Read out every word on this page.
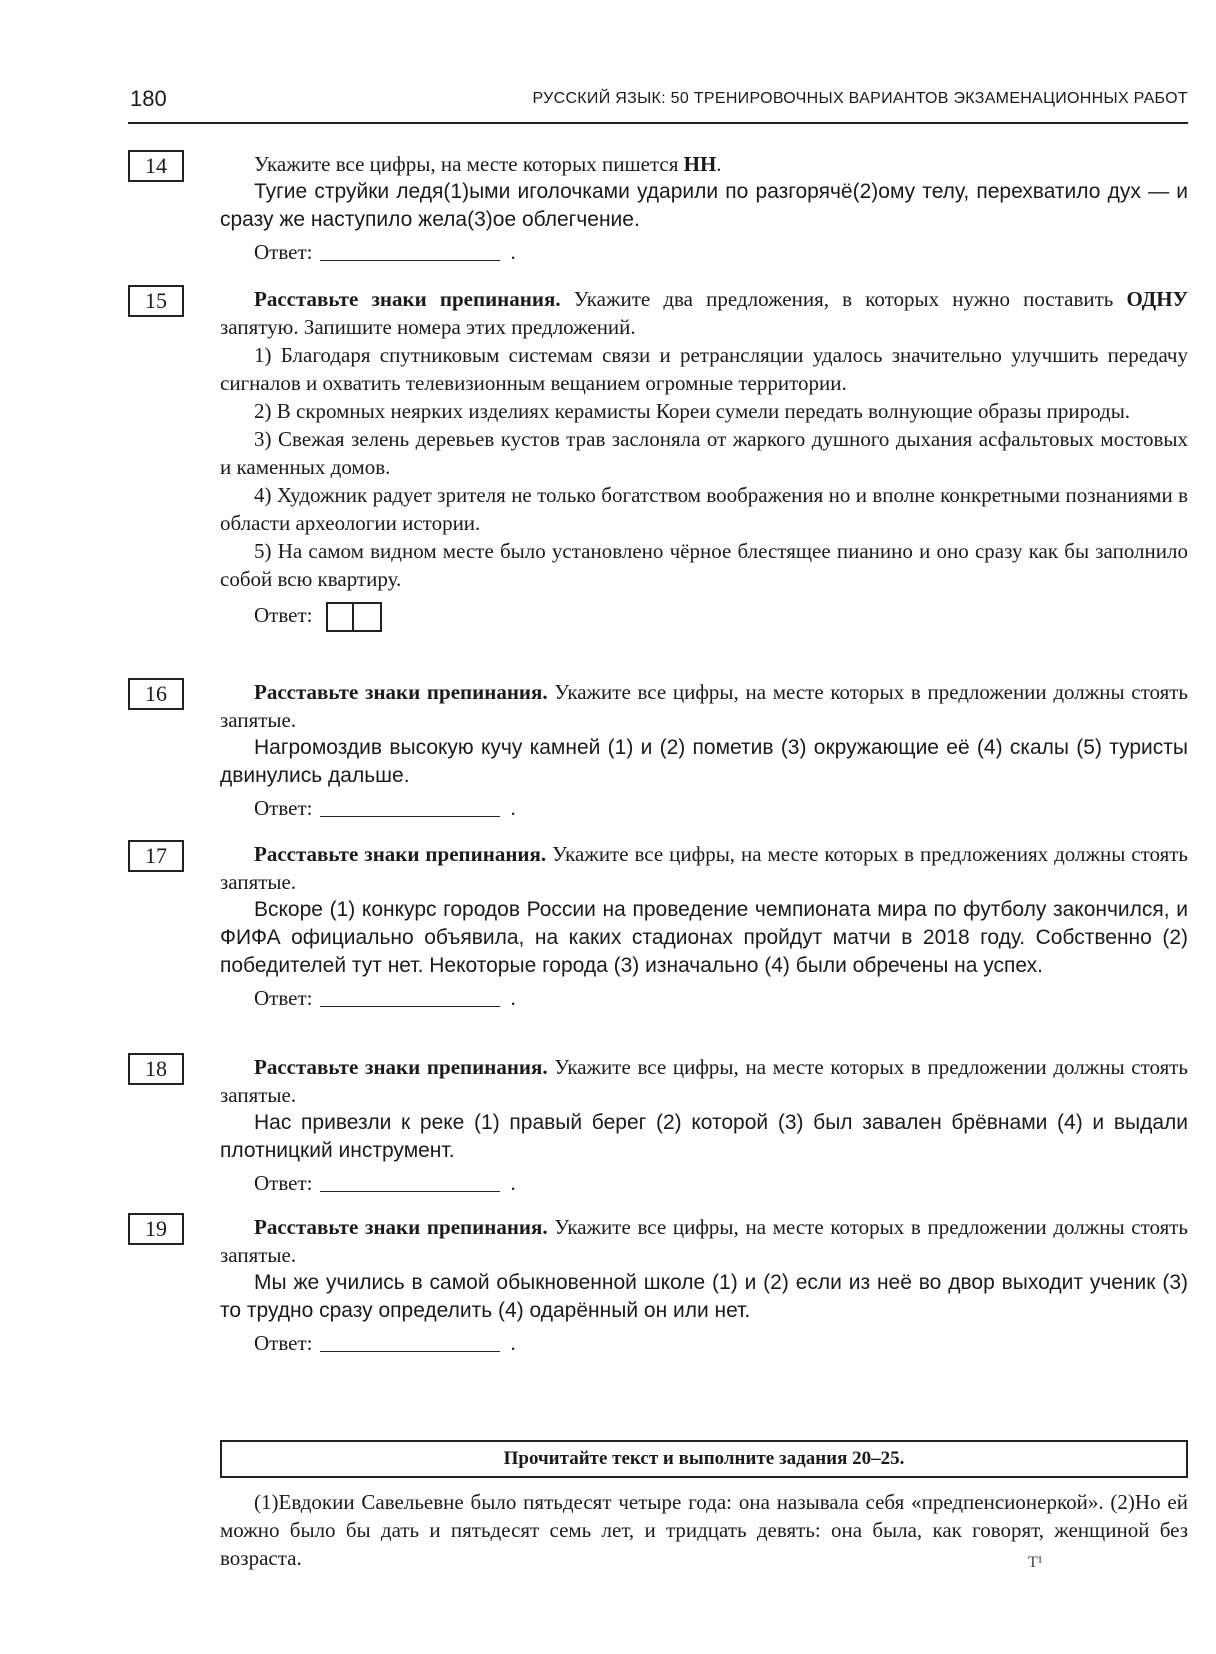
180	РУССКИЙ ЯЗЫК: 50 ТРЕНИРОВОЧНЫХ ВАРИАНТОВ ЭКЗАМЕНАЦИОННЫХ РАБОТ
14	Укажите все цифры, на месте которых пишется НН.

Тугие струйки ледя(1)ыми иголочками ударили по разгорячё(2)ому телу, перехватило дух — и сразу же наступило жела(3)ое облегчение.

Ответ:	.
15	Расставьте знаки препинания. Укажите два предложения, в которых нужно поставить ОДНУ запятую. Запишите номера этих предложений.

1) Благодаря спутниковым системам связи и ретрансляции удалось значительно улучшить передачу сигналов и охватить телевизионным вещанием огромные территории.

2) В скромных неярких изделиях керамисты Кореи сумели передать волнующие образы природы.

3) Свежая зелень деревьев кустов трав заслоняла от жаркого душного дыхания асфальтовых мостовых и каменных домов.

4) Художник радует зрителя не только богатством воображения но и вполне конкретными познаниями в области археологии истории.

5) На самом видном месте было установлено чёрное блестящее пианино и оно сразу как бы заполнило собой всю квартиру.

Ответ:
16	Расставьте знаки препинания. Укажите все цифры, на месте которых в предложении должны стоять запятые.

Нагромоздив высокую кучу камней (1) и (2) пометив (3) окружающие её (4) скалы (5) туристы двинулись дальше.

Ответ:	.
17	Расставьте знаки препинания. Укажите все цифры, на месте которых в предложениях должны стоять запятые.

Вскоре (1) конкурс городов России на проведение чемпионата мира по футболу закончился, и ФИФА официально объявила, на каких стадионах пройдут матчи в 2018 году. Собственно (2) победителей тут нет. Некоторые города (3) изначально (4) были обречены на успех.

Ответ:	.
18	Расставьте знаки препинания. Укажите все цифры, на месте которых в предложении должны стоять запятые.

Нас привезли к реке (1) правый берег (2) которой (3) был завален брёвнами (4) и выдали плотницкий инструмент.

Ответ:	.
19	Расставьте знаки препинания. Укажите все цифры, на месте которых в предложении должны стоять запятые.

Мы же учились в самой обыкновенной школе (1) и (2) если из неё во двор выходит ученик (3) то трудно сразу определить (4) одарённый он или нет.

Ответ:	.
Прочитайте текст и выполните задания 20–25.

(1)Евдокии Савельевне было пятьдесят четыре года: она называла себя «предпенсионеркой». (2)Но ей можно было бы дать и пятьдесят семь лет, и тридцать девять: она была, как говорят, женщиной без возраста.	Т¹
